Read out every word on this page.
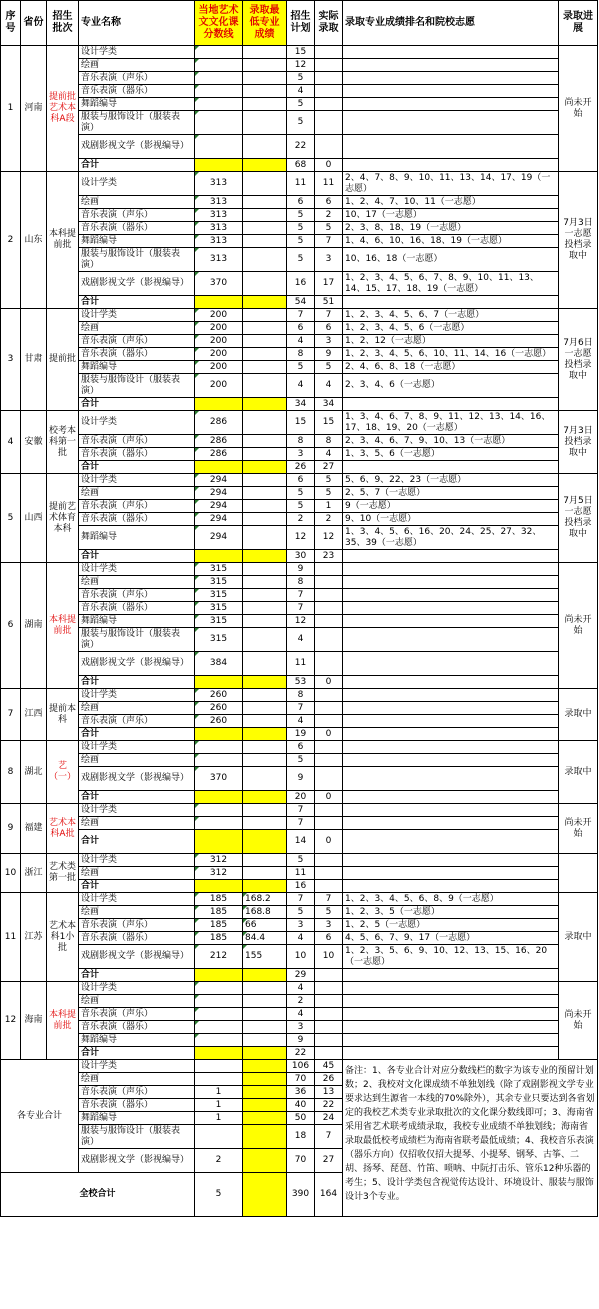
序号	省份	招生批次	专业名称	当地艺术文文化课分数线	录取最低专业成绩	招生计划	实际录取	录取专业成绩排名和院校志愿	录取进展
1	河南	提前批艺术本科A段	设计学类			15			尚未开始
			绘画			12			
			音乐表演（声乐）			5			
			音乐表演（器乐）			4			
			舞蹈编导			5			
			服装与服饰设计（服装表演）			5			
			戏剧影视文学（影视编导）			22			
			合计			68	0		
2	山东	本科提前批	设计学类	313		11	11	2、4、7、8、9、10、11、13、14、17、19（一志愿）	7月3日一志愿投档录取中
			绘画	313		6	6	1、2、4、7、10、11（一志愿）	
			音乐表演（声乐）	313		5	2	10、17（一志愿）	
			音乐表演（器乐）	313		5	5	2、3、8、18、19（一志愿）	
			舞蹈编导	313		5	7	1、4、6、10、16、18、19（一志愿）	
			服装与服饰设计（服装表演）	313		5	3	10、16、18（一志愿）	
			戏剧影视文学（影视编导）	370		16	17	1、2、3、4、5、6、7、8、9、10、11、13、14、15、17、18、19（一志愿）	
			合计			54	51		
3	甘肃	提前批	设计学类	200		7	7	1、2、3、4、5、6、7（一志愿）	7月6日一志愿投档录取中
			绘画	200		6	6	1、2、3、4、5、6（一志愿）	
			音乐表演（声乐）	200		4	3	1、2、12（一志愿）	
			音乐表演（器乐）	200		8	9	1、2、3、4、5、6、10、11、14、16（一志愿）	
			舞蹈编导	200		5	5	2、4、6、8、18（一志愿）	
			服装与服饰设计（服装表演）	200		4	4	2、3、4、6（一志愿）	
			合计			34	34		
4	安徽	校考本科第一批	设计学类	286		15	15	1、3、4、6、7、8、9、11、12、13、14、16、17、18、19、20（一志愿）	7月3日投档录取中
			音乐表演（声乐）	286		8	8	2、3、4、6、7、9、10、13（一志愿）	
			音乐表演（器乐）	286		3	4	1、3、5、6（一志愿）	
			合计			26	27		
5	山西	提前艺术体育本科	设计学类	294		6	5	5、6、9、22、23（一志愿）	7月5日一志愿投档录取中
			绘画	294		5	5	2、5、7（一志愿）	
			音乐表演（声乐）	294		5	1	9（一志愿）	
			音乐表演（器乐）	294		2	2	9、10（一志愿）	
			舞蹈编导	294		12	12	1、3、4、5、6、16、20、24、25、27、32、35、39（一志愿）	
			合计			30	23		
6	湖南	本科提前批	设计学类	315		9			尚未开始
			绘画	315		8			
			音乐表演（声乐）	315		7			
			音乐表演（器乐）	315		7			
			舞蹈编导	315		12			
			服装与服饰设计（服装表演）	315		4			
			戏剧影视文学（影视编导）	384		11			
			合计			53	0		
7	江西	提前本科	设计学类	260		8			录取中
			绘画	260		7			
			音乐表演（声乐）	260		4			
			合计			19	0		
8	湖北	艺（一）	设计学类			6			录取中
			绘画			5			
			戏剧影视文学（影视编导）	370		9			
			合计			20	0		
9	福建	艺术本科A批	设计学类			7			尚未开始
			绘画			7			
			合计			14	0		
10	浙江	艺术类第一批	设计学类	312		5			
			绘画	312		11			
			合计			16			
11	江苏	艺术本科1小批	设计学类	185	168.2	7	7	1、2、3、4、5、6、8、9（一志愿）	录取中
			绘画	185	168.8	5	5	1、2、3、5（一志愿）	
			音乐表演（声乐）	185	66	3	3	1、2、5（一志愿）	
			音乐表演（器乐）	185	84.4	4	6	4、5、6、7、9、17（一志愿）	
			戏剧影视文学（影视编导）	212	155	10	10	1、2、3、5、6、9、10、12、13、15、16、20（一志愿）	
			合计			29			
12	海南	本科提前批	设计学类			4			尚未开始
			绘画			2			
			音乐表演（声乐）			4			
			音乐表演（器乐）			3			
			舞蹈编导			9			
			合计			22			
各专业合计			设计学类			106	45	备注：1、各专业合计对应分数线栏的数字为该专业的预留计划数；2、我校对文化课成绩不单独划线（除了戏剧影视文学专业要求达到生源省一本线的70%除外），其余专业只要达到各省划定的我校艺术类专业录取批次的文化课分数线即可；3、海南省采用省艺术联考成绩录取，我校专业成绩不单独划线；海南省录取最低校考成绩栏为海南省联考最低成绩；4、我校音乐表演（器乐方向）仅招收仅招大提琴、小提琴、钢琴、古筝、二胡、扬琴、琵琶、竹笛、唢呐、中阮打击乐、管乐12种乐器的考生；5、设计学类包含视觉传达设计、环境设计、服装与服饰设计3个专业。	
			绘画			70	26		
			音乐表演（声乐）	1		36	13		
			音乐表演（器乐）	1		40	22		
			舞蹈编导	1		50	24		
			服装与服饰设计（服装表演）			18	7		
			戏剧影视文学（影视编导）	2		70	27		
全校合计				5		390	164		
